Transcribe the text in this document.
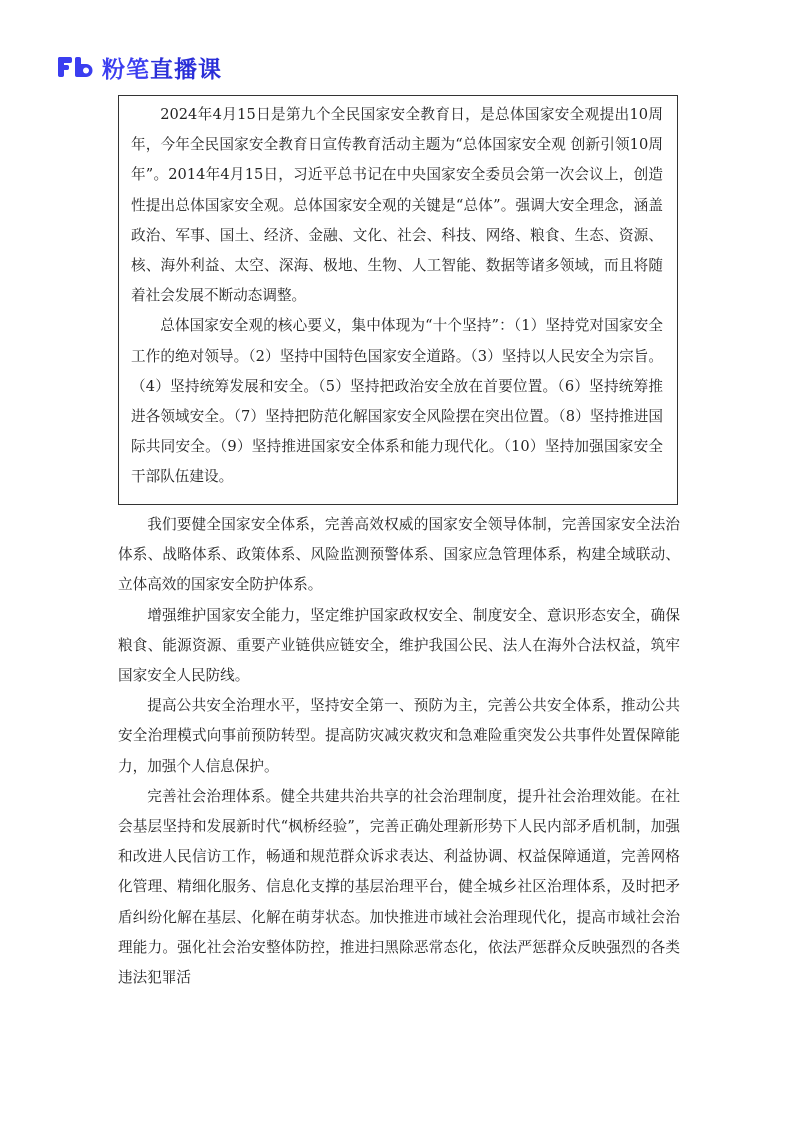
粉笔直播课

2024年4月15日是第九个全民国家安全教育日，是总体国家安全观提出10周年，今年全民国家安全教育日宣传教育活动主题为“总体国家安全观 创新引领10周年”。2014年4月15日，习近平总书记在中央国家安全委员会第一次会议上，创造性提出总体国家安全观。总体国家安全观的关键是“总体”。强调大安全理念，涵盖政治、军事、国土、经济、金融、文化、社会、科技、网络、粮食、生态、资源、核、海外利益、太空、深海、极地、生物、人工智能、数据等诸多领域，而且将随着社会发展不断动态调整。

总体国家安全观的核心要义，集中体现为“十个坚持”：（1）坚持党对国家安全工作的绝对领导。（2）坚持中国特色国家安全道路。（3）坚持以人民安全为宗旨。（4）坚持统筹发展和安全。（5）坚持把政治安全放在首要位置。（6）坚持统筹推进各领域安全。（7）坚持把防范化解国家安全风险摆在突出位置。（8）坚持推进国际共同安全。（9）坚持推进国家安全体系和能力现代化。（10）坚持加强国家安全干部队伍建设。

我们要健全国家安全体系，完善高效权威的国家安全领导体制，完善国家安全法治体系、战略体系、政策体系、风险监测预警体系、国家应急管理体系，构建全域联动、立体高效的国家安全防护体系。

增强维护国家安全能力，坚定维护国家政权安全、制度安全、意识形态安全，确保粮食、能源资源、重要产业链供应链安全，维护我国公民、法人在海外合法权益，筑牢国家安全人民防线。

提高公共安全治理水平，坚持安全第一、预防为主，完善公共安全体系，推动公共安全治理模式向事前预防转型。提高防灾减灾救灾和急难险重突发公共事件处置保障能力，加强个人信息保护。

完善社会治理体系。健全共建共治共享的社会治理制度，提升社会治理效能。在社会基层坚持和发展新时代“枫桥经验”，完善正确处理新形势下人民内部矛盾机制，加强和改进人民信访工作，畅通和规范群众诉求表达、利益协调、权益保障通道，完善网格化管理、精细化服务、信息化支撑的基层治理平台，健全城乡社区治理体系，及时把矛盾纠纷化解在基层、化解在萌芽状态。加快推进市域社会治理现代化，提高市域社会治理能力。强化社会治安整体防控，推进扫黑除恶常态化，依法严惩群众反映强烈的各类违法犯罪活
